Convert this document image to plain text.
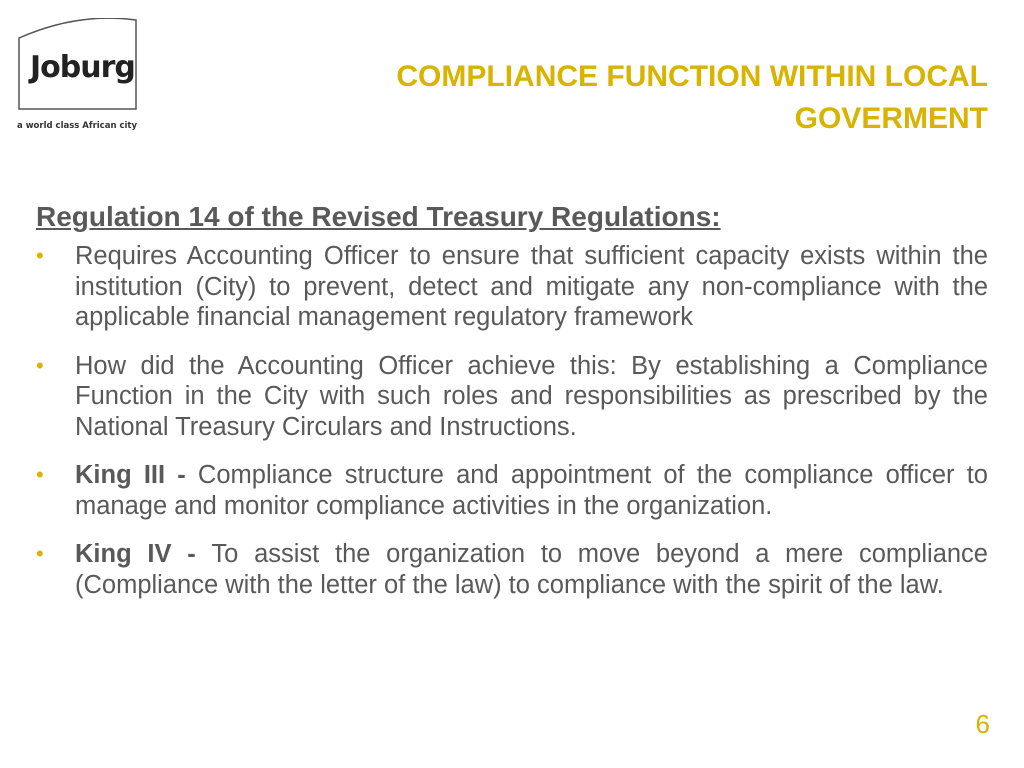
Joburg
a world class African city
COMPLIANCE FUNCTION WITHIN LOCAL
GOVERMENT
Regulation 14 of the Revised Treasury Regulations:
• Requires Accounting Officer to ensure that sufficient capacity exists within the institution (City) to prevent, detect and mitigate any non-compliance with the applicable financial management regulatory framework
• How did the Accounting Officer achieve this: By establishing a Compliance Function in the City with such roles and responsibilities as prescribed by the National Treasury Circulars and Instructions.
• King III - Compliance structure and appointment of the compliance officer to manage and monitor compliance activities in the organization.
• King IV - To assist the organization to move beyond a mere compliance (Compliance with the letter of the law) to compliance with the spirit of the law.
6
